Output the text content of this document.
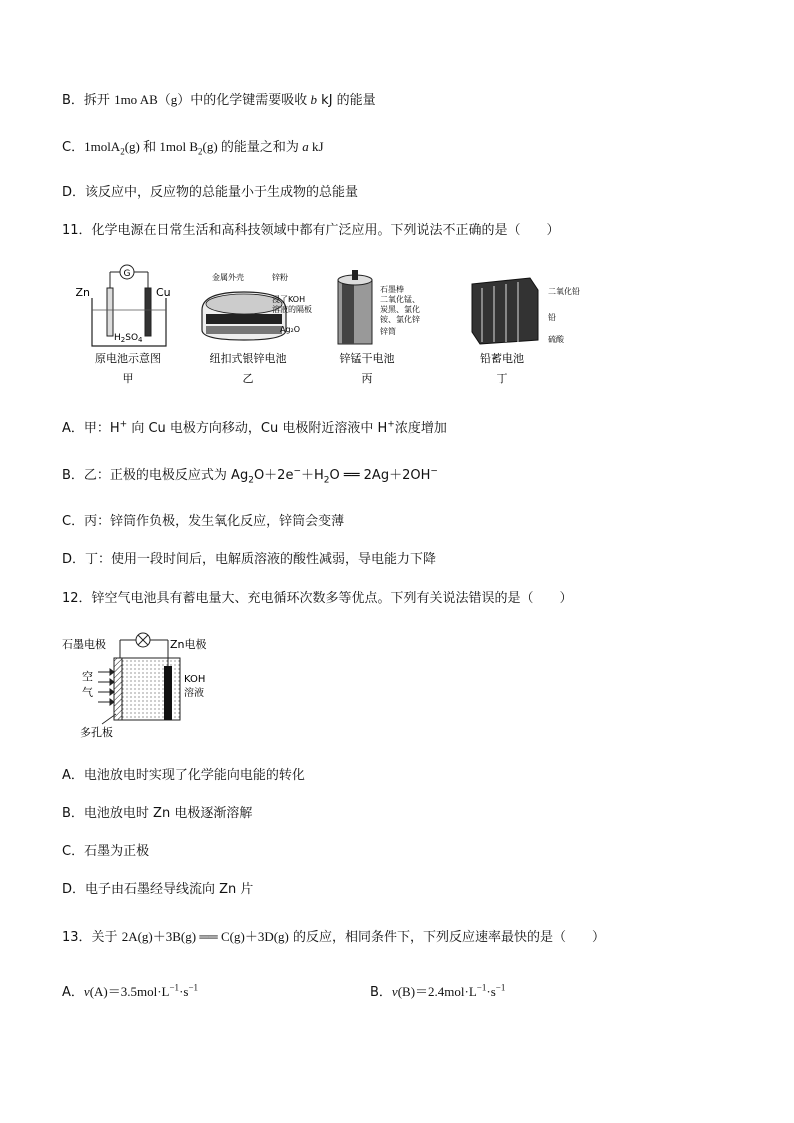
B．拆开 1mo AB（g）中的化学键需要吸收 b kJ 的能量
C．1molA$_2$(g) 和 1mol $B_2(g)$ 的能量之和为 a kJ
D．该反应中，反应物的总能量小于生成物的总能量
11．化学电源在日常生活和高科技领域中都有广泛应用。下列说法不正确的是（　　）
G
Zn	Cu
$H_2SO_4$
原电池示意图
甲
金属外壳	锌粉
浸了KOH
溶液的隔板
Ag₂O
纽扣式银锌电池
乙
石墨棒
二氧化锰、
炭黑、氯化
铵、氯化锌
锌筒
锌锰干电池
丙
二氧化铅
铅
硫酸
铅蓄电池
丁
A．甲：H+ 向 Cu 电极方向移动，Cu 电极附近溶液中 H+浓度增加
B．乙：正极的电极反应式为 $Ag_2O+2e^-+H_2O$ ══ 2Ag＋2OH−
C．丙：锌筒作负极，发生氧化反应，锌筒会变薄
D．丁：使用一段时间后，电解质溶液的酸性减弱，导电能力下降
12．锌空气电池具有蓄电量大、充电循环次数多等优点。下列有关说法错误的是（　　）
石墨电极	Zn电极
KOH
溶液
空
气
多孔板
A．电池放电时实现了化学能向电能的转化
B．电池放电时 Zn 电极逐渐溶解
C．石墨为正极
D．电子由石墨经导线流向 Zn 片
13．关于 2A(g)＋3B(g) ══ C(g)＋3D(g) 的反应，相同条件下，下列反应速率最快的是（　　）
A．$v(A)=3.5mol\cdot L^{-1}\cdot s^{-1}$	B．$v(B)=2.4mol\cdot L^{-1}\cdot s^{-1}$
